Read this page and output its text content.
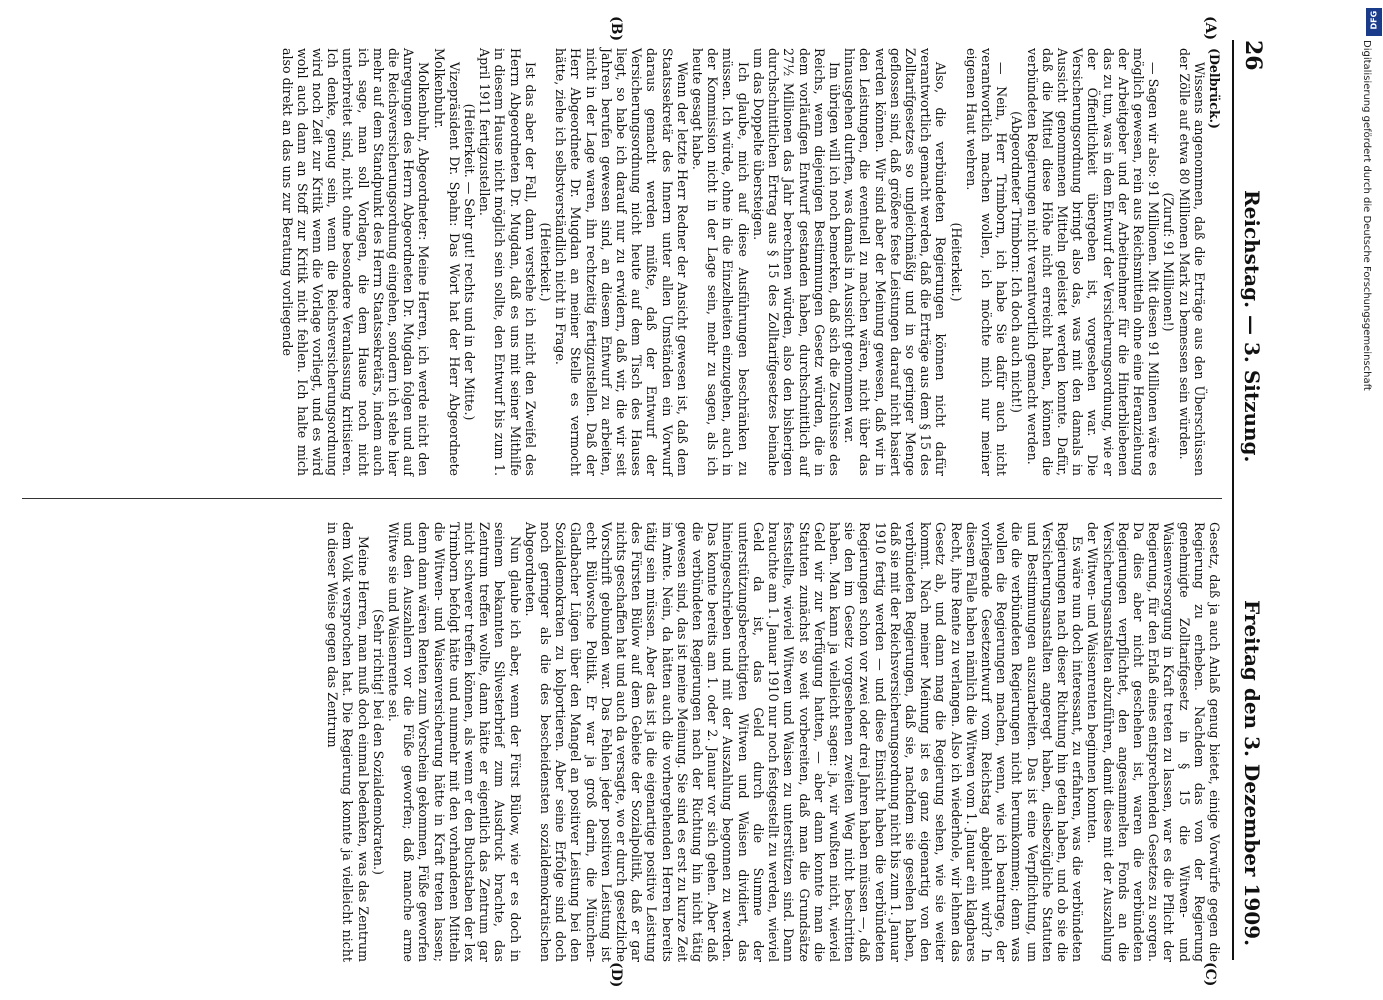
26
Reichstag. — 3. Sitzung.
Freitag den 3. Dezember 1909.
(A)
(B)
(C)
(D)

(Delbrück.)

Wissens angenommen, daß die Erträge aus den Überschüssen der Zölle auf etwa 80 Millionen Mark zu bemessen sein würden.

(Zuruf: 91 Millionen!)

— Sagen wir also: 91 Millionen. Mit diesen 91 Millionen wäre es möglich gewesen, rein aus Reichsmitteln ohne eine Heranziehung der Arbeitgeber und der Arbeitnehmer für die Hinterbliebenen das zu tun, was in dem Entwurf der Versicherungsordnung, wie er der Öffentlichkeit übergeben ist, vorgesehen war. Die Versicherungsordnung bringt also das, was mit den damals in Aussicht genommenen Mitteln geleistet werden konnte. Dafür, daß die Mittel diese Höhe nicht erreicht haben, können die verbündeten Regierungen nicht verantwortlich gemacht werden.

(Abgeordneter Trimborn: Ich doch auch nicht!)

— Nein, Herr Trimborn, ich habe Sie dafür auch nicht verantwortlich machen wollen, ich möchte mich nur meiner eigenen Haut wehren.

(Heiterkeit.)

Also, die verbündeten Regierungen können nicht dafür verantwortlich gemacht werden, daß die Erträge aus dem § 15 des Zolltarifgesetzes so ungleichmäßig und in so geringer Menge geflossen sind, daß größere feste Leistungen darauf nicht basiert werden können. Wir sind aber der Meinung gewesen, daß wir in den Leistungen, die eventuell zu machen wären, nicht über das hinausgehen durften, was damals in Aussicht genommen war.

Im übrigen will ich noch bemerken, daß sich die Zuschüsse des Reichs, wenn diejenigen Bestimmungen Gesetz würden, die in dem vorläufigen Entwurf gestanden haben, durchschnittlich auf 27½ Millionen das Jahr berechnen würden, also den bisherigen durchschnittlichen Ertrag aus § 15 des Zolltarifgesetzes beinahe um das Doppelte übersteigen.

Ich glaube, mich auf diese Ausführungen beschränken zu müssen. Ich würde, ohne in die Einzelheiten einzugehen, auch in der Kommission nicht in der Lage sein, mehr zu sagen, als ich heute gesagt habe.

Wenn der letzte Herr Redner der Ansicht gewesen ist, daß dem Staatssekretär des Innern unter allen Umständen ein Vorwurf daraus gemacht werden müßte, daß der Entwurf der Versicherungsordnung nicht heute auf dem Tisch des Hauses liegt, so habe ich darauf nur zu erwidern, daß wir, die wir seit Jahren berufen gewesen sind, an diesem Entwurf zu arbeiten, nicht in der Lage waren, ihn rechtzeitig fertigzustellen. Daß der Herr Abgeordnete Dr. Mugdan an meiner Stelle es vermocht hätte, ziehe ich selbstverständlich nicht in Frage.

(Heiterkeit.)

Ist das aber der Fall, dann verstehe ich nicht den Zweifel des Herrn Abgeordneten Dr. Mugdan, daß es uns mit seiner Mithilfe in diesem Hause nicht möglich sein sollte, den Entwurf bis zum 1. April 1911 fertigzustellen.

(Heiterkeit. — Sehr gut! rechts und in der Mitte.)

Vizepräsident Dr. Spahn: Das Wort hat der Herr Abgeordnete Molkenbuhr.

Molkenbuhr, Abgeordneter: Meine Herren, ich werde nicht den Anregungen des Herrn Abgeordneten Dr. Mugdan folgen und auf die Reichsversicherungsordnung eingehen, sondern ich stehe hier mehr auf dem Standpunkt des Herrn Staatssekretärs, indem auch ich sage, man soll Vorlagen, die dem Hause noch nicht unterbreitet sind, nicht ohne besondere Veranlassung kritisieren. Ich denke, genug sein, wenn die Reichsversicherungsordnung wird noch Zeit zur Kritik wenn die Vorlage vorliegt, und es wird wohl auch dann an Stoff zur Kritik nicht fehlen. Ich halte mich also direkt an das uns zur Beratung vorliegende

Gesetz, daß ja auch Anlaß genug bietet, einige Vorwürfe gegen die Regierung zu erheben. Nachdem das von der Regierung genehmigte Zolltarifgesetz in § 15 die Witwen- und Waisenversorgung in Kraft treten zu lassen, war es die Pflicht der Regierung, für den Erlaß eines entsprechenden Gesetzes zu sorgen. Da dies aber nicht geschehen ist, waren die verbündeten Regierungen verpflichtet, den angesammelten Fonds an die Versicherungsanstalten abzuführen, damit diese mit der Auszahlung der Witwen- und Waisenrenten beginnen konnten.

Es wäre nun doch interessant, zu erfahren, was die verbündeten Regierungen nach dieser Richtung hin getan haben, und ob sie die Versicherungsanstalten angeregt haben, diesbezügliche Statuten und Bestimmungen auszuarbeiten. Das ist eine Verpflichtung, um die die verbündeten Regierungen nicht herumkommen; denn was wollen die Regierungen machen, wenn, wie ich beantrage, der vorliegende Gesetzentwurf vom Reichstag abgelehnt wird? In diesem Falle haben nämlich die Witwen vom 1. Januar ein klagbares Recht, ihre Rente zu verlangen. Also ich wiederhole, wir lehnen das Gesetz ab, und dann mag die Regierung sehen, wie sie weiter kommt. Nach meiner Meinung ist es ganz eigenartig von den verbündeten Regierungen, daß sie, nachdem sie gesehen haben, daß sie mit der Reichsversicherungsordnung nicht bis zum 1. Januar 1910 fertig werden — und diese Einsicht haben die verbündeten Regierungen schon vor zwei oder drei Jahren haben müssen —, daß sie den im Gesetz vorgesehenen zweiten Weg nicht beschritten haben. Man kann ja vielleicht sagen: ja, wir wußten nicht, wieviel Geld wir zur Verfügung hatten, — aber dann konnte man die Statuten zunächst so weit vorbereiten, daß man die Grundsätze feststellte, wieviel Witwen und Waisen zu unterstützen sind. Dann brauchte am 1. Januar 1910 nur noch festgestellt zu werden, wieviel Geld da ist, das Geld durch die Summe der unterstützungsberechtigten Witwen und Waisen dividiert, das hineingeschrieben und mit der Auszahlung begonnen zu werden. Das konnte bereits am 1. oder 2. Januar vor sich gehen. Aber daß die verbündeten Regierungen nach der Richtung hin nicht tätig gewesen sind, das ist meine Meinung. Sie sind es erst zu kurze Zeit im Amte. Nein, da hätten auch die vorhergehenden Herren bereits tätig sein müssen. Aber das ist ja die eigenartige positive Leistung des Fürsten Bülow auf dem Gebiete der Sozialpolitik, daß er gar nichts geschaffen hat und auch da versagte, wo er durch gesetzliche Vorschrift gebunden war. Das Fehlen jeder positiven Leistung ist echt Bülowsche Politik. Er war ja groß darin, die München-Gladbacher Lügen über den Mangel an positiver Leistung bei den Sozialdemokraten zu kolportieren. Aber seine Erfolge sind doch noch geringer als die des bescheidensten sozialdemokratischen Abgeordneten.

Nun glaube ich aber, wenn der Fürst Bülow, wie er es doch in seinem bekannten Silvesterbrief zum Ausdruck brachte, das Zentrum treffen wollte, dann hätte er eigentlich das Zentrum gar nicht schwerer treffen können, als wenn er den Buchstaben der lex Trimborn befolgt hätte und nunmehr mit den vorhandenen Mitteln die Witwen- und Waisenversicherung hätte in Kraft treten lassen; denn dann wären Renten zum Vorschein gekommen, Füße geworfen und den Auszahlern vor die Füße geworfen; daß manche arme Witwe sie und Waisenrente sei.

(Sehr richtig! bei den Sozialdemokraten.)

Meine Herren, man muß doch einmal bedenken, was das Zentrum dem Volk versprochen hat. Die Regierung konnte ja vielleicht nicht in dieser Weise gegen das Zentrum

DFG
Digitalisierung gefördert durch die Deutsche Forschungsgemeinschaft
